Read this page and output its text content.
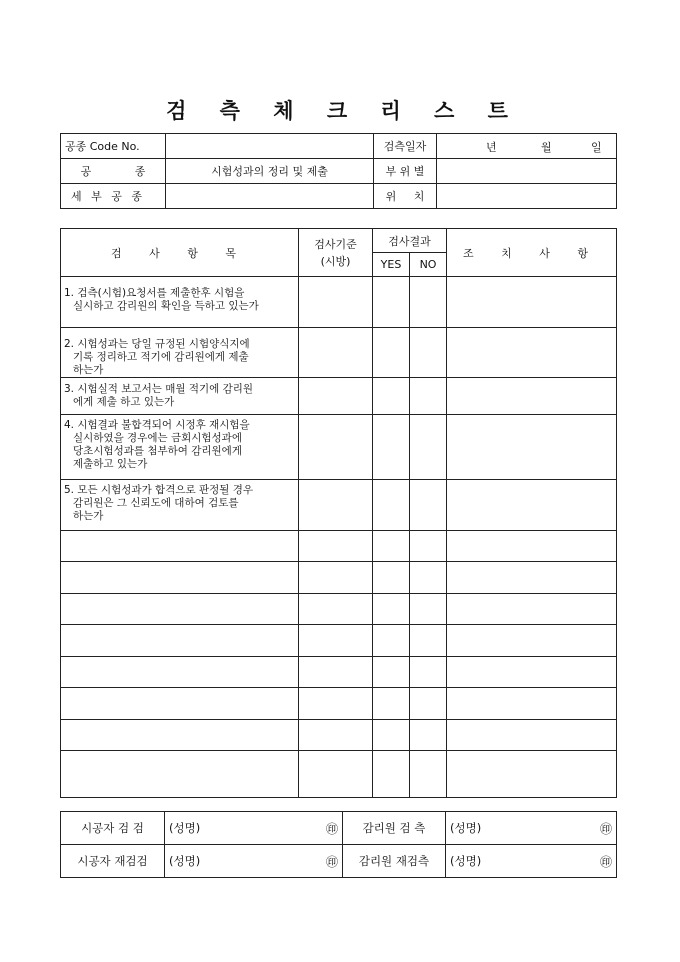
검 측 체 크 리 스 트
공종 Code No.		검측일자	년 월 일

공 종	시험성과의 정리 및 제출	부 위 별	
세 부 공 종		위 치	
검 사 항 목	검사기준
(시방)	검사결과		조 치 사 항
		YES	NO	
1. 검측(시험)요청서를 제출한후 시험을
실시하고 감리원의 확인을 득하고 있는가				

2. 시험성과는 당일 규정된 시험양식지에
기록 정리하고 적기에 감리원에게 제출
하는가				

3. 시험실적 보고서는 매월 적기에 감리원
에게 제출 하고 있는가				

4. 시험결과 불합격되어 시정후 재시험을
실시하였을 경우에는 금회시험성과에
당초시험성과를 첨부하여 감리원에게
제출하고 있는가				

5. 모든 시험성과가 합격으로 판정될 경우
감리원은 그 신뢰도에 대하여 검토를
하는가				

시공자 검 검	(성명) ㊞	감리원 검 측	(성명) ㊞

시공자 재검검	(성명) ㊞	감리원 재검측	(성명) ㊞
